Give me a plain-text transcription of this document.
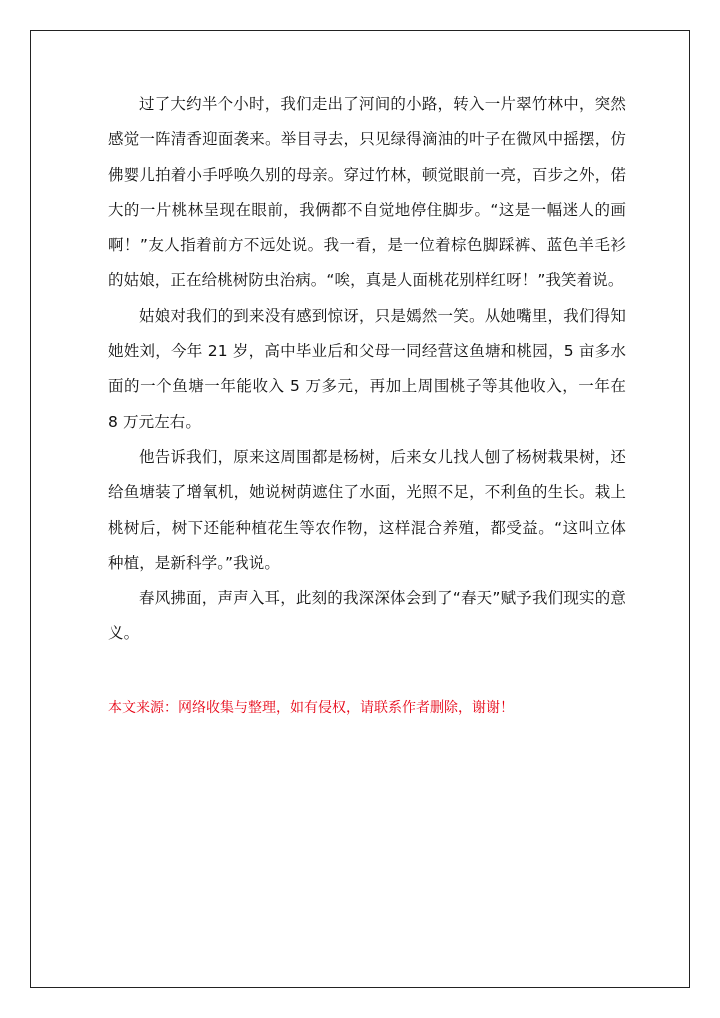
过了大约半个小时，我们走出了河间的小路，转入一片翠竹林中，突然感觉一阵清香迎面袭来。举目寻去，只见绿得滴油的叶子在微风中摇摆，仿佛婴儿拍着小手呼唤久别的母亲。穿过竹林，顿觉眼前一亮，百步之外，偌大的一片桃林呈现在眼前，我俩都不自觉地停住脚步。“这是一幅迷人的画啊！”友人指着前方不远处说。我一看，是一位着棕色脚踩裤、蓝色羊毛衫的姑娘，正在给桃树防虫治病。“唉，真是人面桃花别样红呀！”我笑着说。

姑娘对我们的到来没有感到惊讶，只是嫣然一笑。从她嘴里，我们得知她姓刘，今年 21 岁，高中毕业后和父母一同经营这鱼塘和桃园，5 亩多水面的一个鱼塘一年能收入 5 万多元，再加上周围桃子等其他收入，一年在 8 万元左右。

他告诉我们，原来这周围都是杨树，后来女儿找人刨了杨树栽果树，还给鱼塘装了增氧机，她说树荫遮住了水面，光照不足，不利鱼的生长。栽上桃树后，树下还能种植花生等农作物，这样混合养殖，都受益。“这叫立体种植，是新科学。”我说。

春风拂面，声声入耳，此刻的我深深体会到了“春天”赋予我们现实的意义。

本文来源：网络收集与整理，如有侵权，请联系作者删除，谢谢！
